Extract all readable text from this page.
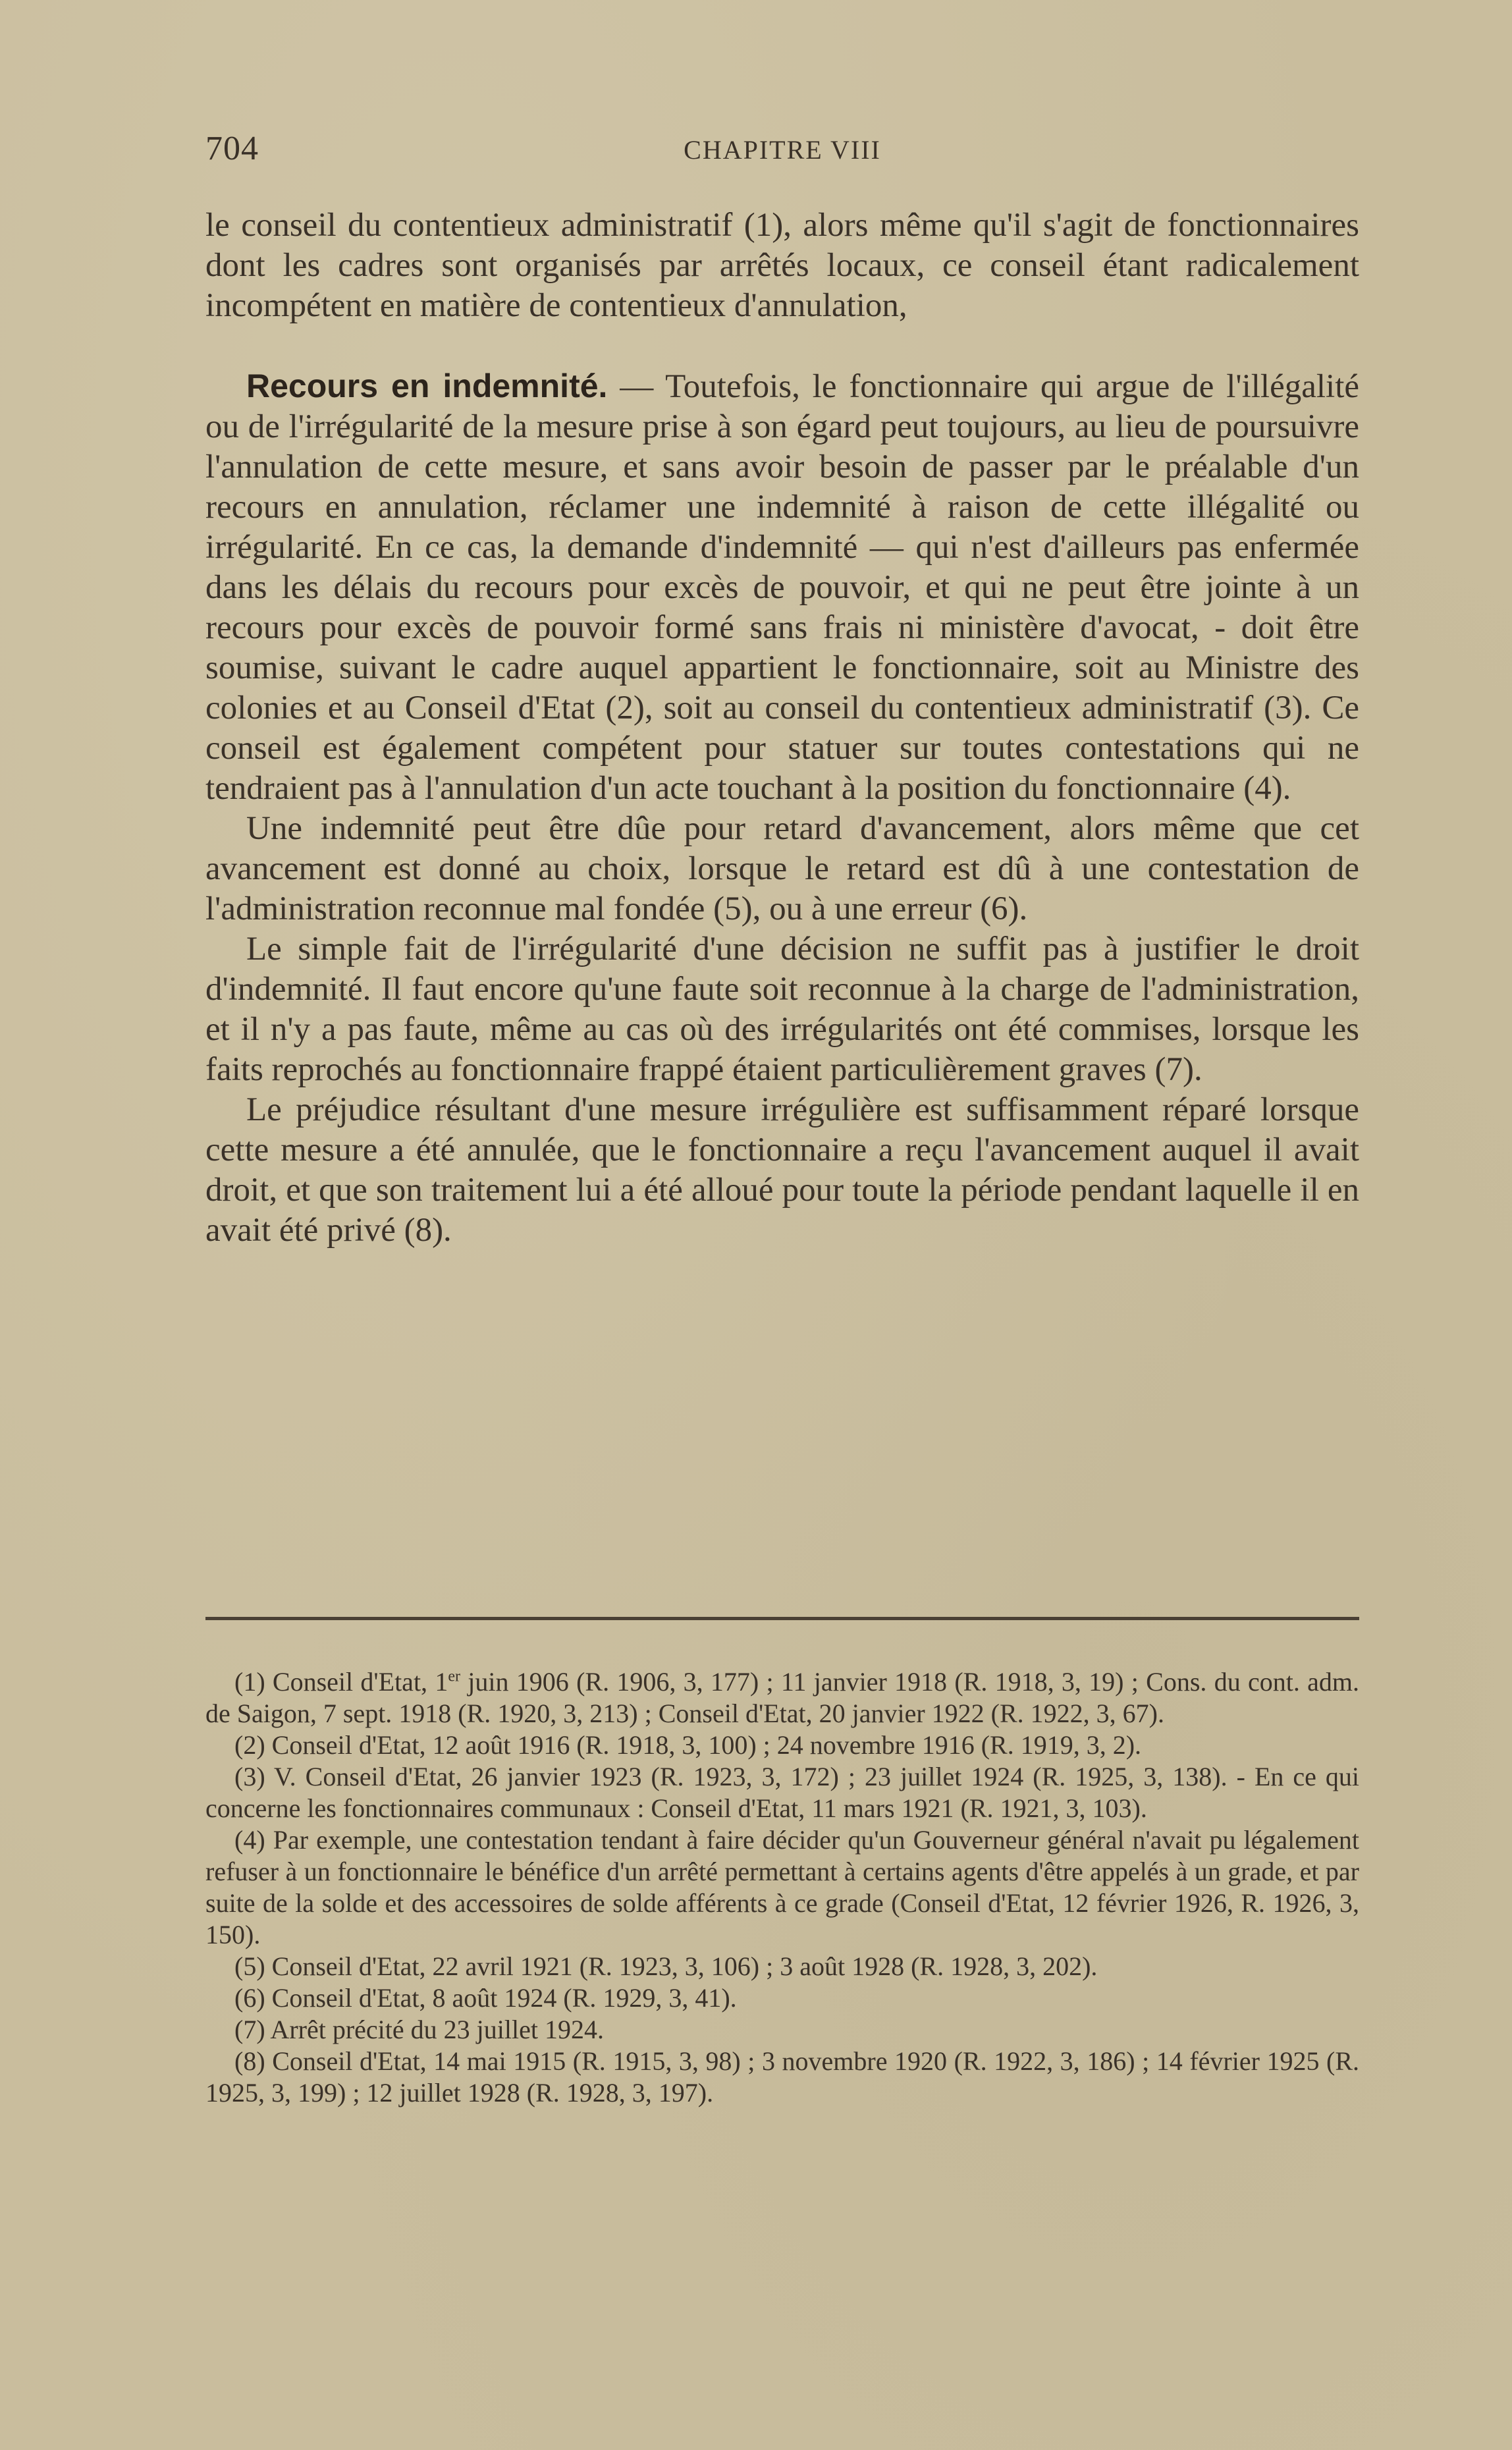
704	CHAPITRE VIII

le conseil du contentieux administratif (1), alors même qu'il s'agit de fonctionnaires dont les cadres sont organisés par arrêtés locaux, ce conseil étant radicalement incompétent en matière de contentieux d'annulation,

Recours en indemnité. — Toutefois, le fonctionnaire qui argue de l'illégalité ou de l'irrégularité de la mesure prise à son égard peut toujours, au lieu de poursuivre l'annulation de cette mesure, et sans avoir besoin de passer par le préalable d'un recours en annulation, réclamer une indemnité à raison de cette illégalité ou irrégularité. En ce cas, la demande d'indemnité — qui n'est d'ailleurs pas enfermée dans les délais du recours pour excès de pouvoir, et qui ne peut être jointe à un recours pour excès de pouvoir formé sans frais ni ministère d'avocat, - doit être soumise, suivant le cadre auquel appartient le fonctionnaire, soit au Ministre des colonies et au Conseil d'Etat (2), soit au conseil du contentieux administratif (3). Ce conseil est également compétent pour statuer sur toutes contestations qui ne tendraient pas à l'annulation d'un acte touchant à la position du fonctionnaire (4).

Une indemnité peut être dûe pour retard d'avancement, alors même que cet avancement est donné au choix, lorsque le retard est dû à une contestation de l'administration reconnue mal fondée (5), ou à une erreur (6).

Le simple fait de l'irrégularité d'une décision ne suffit pas à justifier le droit d'indemnité. Il faut encore qu'une faute soit reconnue à la charge de l'administration, et il n'y a pas faute, même au cas où des irrégularités ont été commises, lorsque les faits reprochés au fonctionnaire frappé étaient particulièrement graves (7).

Le préjudice résultant d'une mesure irrégulière est suffisamment réparé lorsque cette mesure a été annulée, que le fonctionnaire a reçu l'avancement auquel il avait droit, et que son traitement lui a été alloué pour toute la période pendant laquelle il en avait été privé (8).

(1) Conseil d'Etat, 1er juin 1906 (R. 1906, 3, 177) ; 11 janvier 1918 (R. 1918, 3, 19) ; Cons. du cont. adm. de Saigon, 7 sept. 1918 (R. 1920, 3, 213) ; Conseil d'Etat, 20 janvier 1922 (R. 1922, 3, 67).

(2) Conseil d'Etat, 12 août 1916 (R. 1918, 3, 100) ; 24 novembre 1916 (R. 1919, 3, 2).

(3) V. Conseil d'Etat, 26 janvier 1923 (R. 1923, 3, 172) ; 23 juillet 1924 (R. 1925, 3, 138). - En ce qui concerne les fonctionnaires communaux : Conseil d'Etat, 11 mars 1921 (R. 1921, 3, 103).

(4) Par exemple, une contestation tendant à faire décider qu'un Gouverneur général n'avait pu légalement refuser à un fonctionnaire le bénéfice d'un arrêté permettant à certains agents d'être appelés à un grade, et par suite de la solde et des accessoires de solde afférents à ce grade (Conseil d'Etat, 12 février 1926, R. 1926, 3, 150).

(5) Conseil d'Etat, 22 avril 1921 (R. 1923, 3, 106) ; 3 août 1928 (R. 1928, 3, 202).

(6) Conseil d'Etat, 8 août 1924 (R. 1929, 3, 41).

(7) Arrêt précité du 23 juillet 1924.

(8) Conseil d'Etat, 14 mai 1915 (R. 1915, 3, 98) ; 3 novembre 1920 (R. 1922, 3, 186) ; 14 février 1925 (R. 1925, 3, 199) ; 12 juillet 1928 (R. 1928, 3, 197).
